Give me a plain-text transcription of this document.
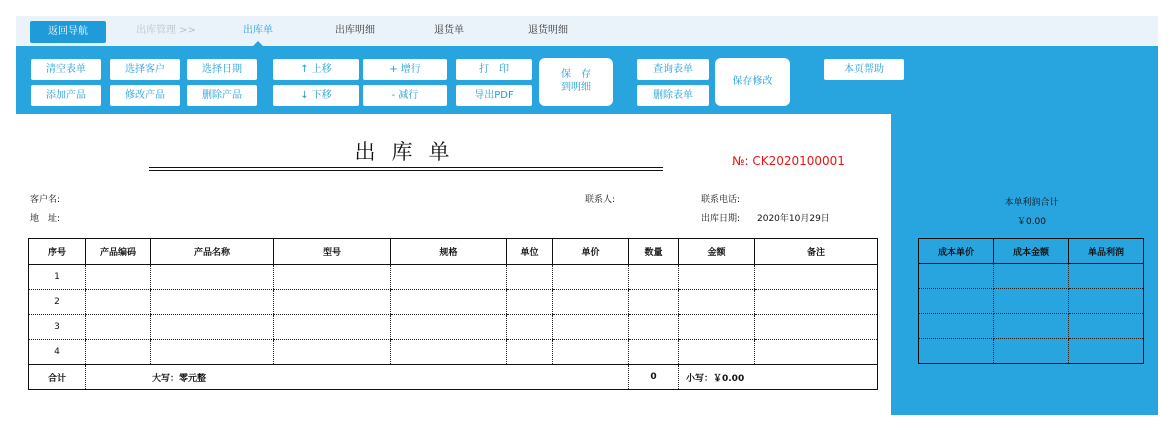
返回导航	出库管理 >>	出库单	出库明细	退货单	退货明细
清空表单
添加产品
选择客户
修改产品
选择日期
删除产品
↑ 上移
↓ 下移
+ 增行
- 减行
打　印
导出PDF
保　存
到明细
查询表单
删除表单
保存修改
本页帮助
出库单	№: CK2020100001
客户名:
地　址:
联系人:	联系电话:
出库日期: 2020年10月29日
序号	产品编码	产品名称	型号	规格	单位	单价	数量	金额	备注
1									
2									
3									
4									
合计	大写：零元整						0	小写：￥0.00	
本单利润合计
￥0.00
成本单价	成本金额	单品利润
